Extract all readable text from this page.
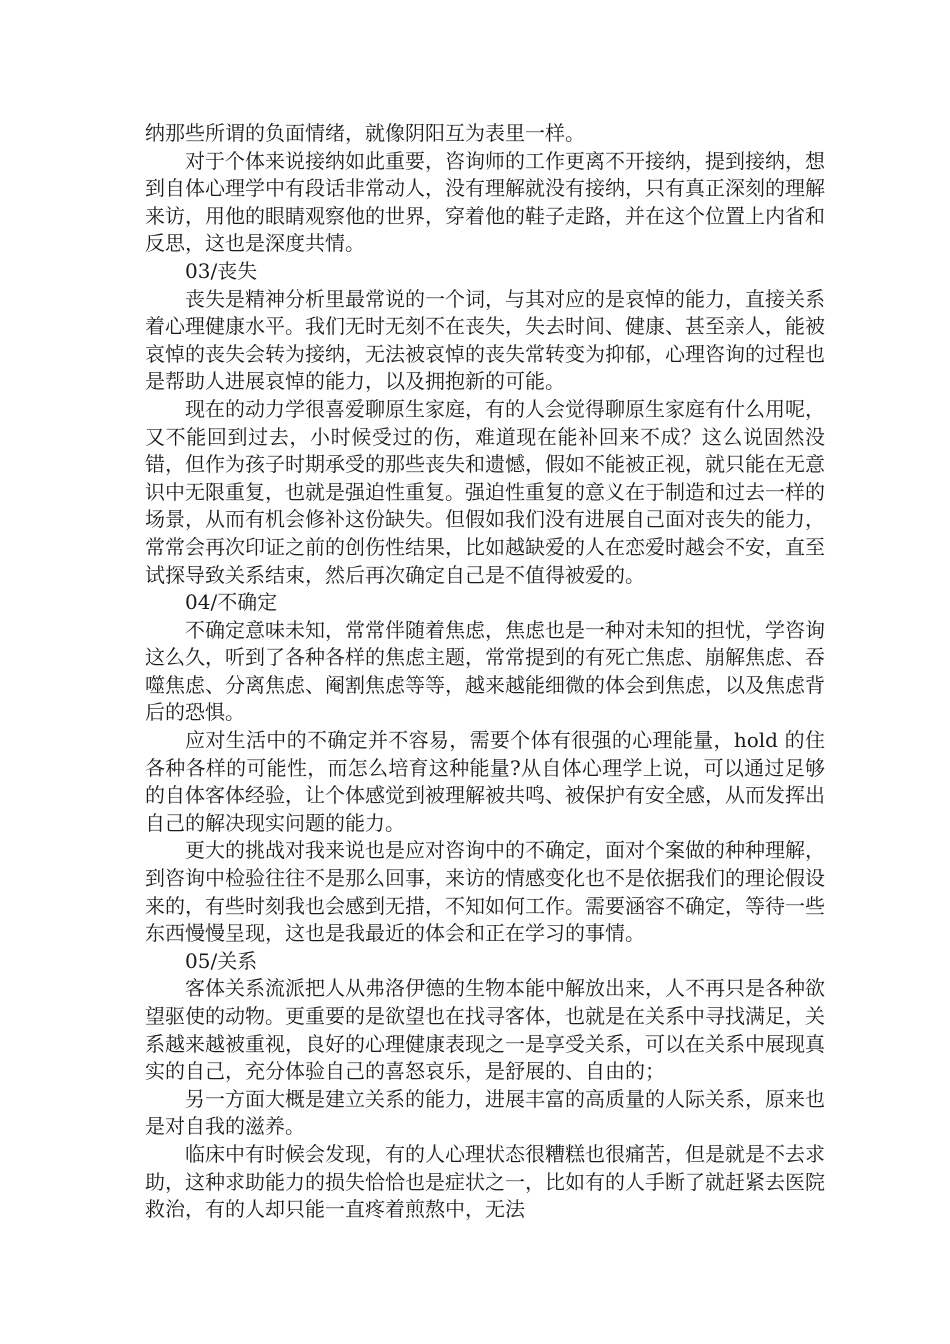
纳那些所谓的负面情绪，就像阴阳互为表里一样。

对于个体来说接纳如此重要，咨询师的工作更离不开接纳，提到接纳，想到自体心理学中有段话非常动人，没有理解就没有接纳，只有真正深刻的理解来访，用他的眼睛观察他的世界，穿着他的鞋子走路，并在这个位置上内省和反思，这也是深度共情。

03/丧失

丧失是精神分析里最常说的一个词，与其对应的是哀悼的能力，直接关系着心理健康水平。我们无时无刻不在丧失，失去时间、健康、甚至亲人，能被哀悼的丧失会转为接纳，无法被哀悼的丧失常转变为抑郁，心理咨询的过程也是帮助人进展哀悼的能力，以及拥抱新的可能。

现在的动力学很喜爱聊原生家庭，有的人会觉得聊原生家庭有什么用呢，又不能回到过去，小时候受过的伤，难道现在能补回来不成？这么说固然没错，但作为孩子时期承受的那些丧失和遗憾，假如不能被正视，就只能在无意识中无限重复，也就是强迫性重复。强迫性重复的意义在于制造和过去一样的场景，从而有机会修补这份缺失。但假如我们没有进展自己面对丧失的能力，常常会再次印证之前的创伤性结果，比如越缺爱的人在恋爱时越会不安，直至试探导致关系结束，然后再次确定自己是不值得被爱的。

04/不确定

不确定意味未知，常常伴随着焦虑，焦虑也是一种对未知的担忧，学咨询这么久，听到了各种各样的焦虑主题，常常提到的有死亡焦虑、崩解焦虑、吞噬焦虑、分离焦虑、阉割焦虑等等，越来越能细微的体会到焦虑，以及焦虑背后的恐惧。

应对生活中的不确定并不容易，需要个体有很强的心理能量，hold 的住各种各样的可能性，而怎么培育这种能量?从自体心理学上说，可以通过足够的自体客体经验，让个体感觉到被理解被共鸣、被保护有安全感，从而发挥出自己的解决现实问题的能力。

更大的挑战对我来说也是应对咨询中的不确定，面对个案做的种种理解，到咨询中检验往往不是那么回事，来访的情感变化也不是依据我们的理论假设来的，有些时刻我也会感到无措，不知如何工作。需要涵容不确定，等待一些东西慢慢呈现，这也是我最近的体会和正在学习的事情。

05/关系

客体关系流派把人从弗洛伊德的生物本能中解放出来，人不再只是各种欲望驱使的动物。更重要的是欲望也在找寻客体，也就是在关系中寻找满足，关系越来越被重视，良好的心理健康表现之一是享受关系，可以在关系中展现真实的自己，充分体验自己的喜怒哀乐，是舒展的、自由的；

另一方面大概是建立关系的能力，进展丰富的高质量的人际关系，原来也是对自我的滋养。

临床中有时候会发现，有的人心理状态很糟糕也很痛苦，但是就是不去求助，这种求助能力的损失恰恰也是症状之一，比如有的人手断了就赶紧去医院救治，有的人却只能一直疼着煎熬中，无法
